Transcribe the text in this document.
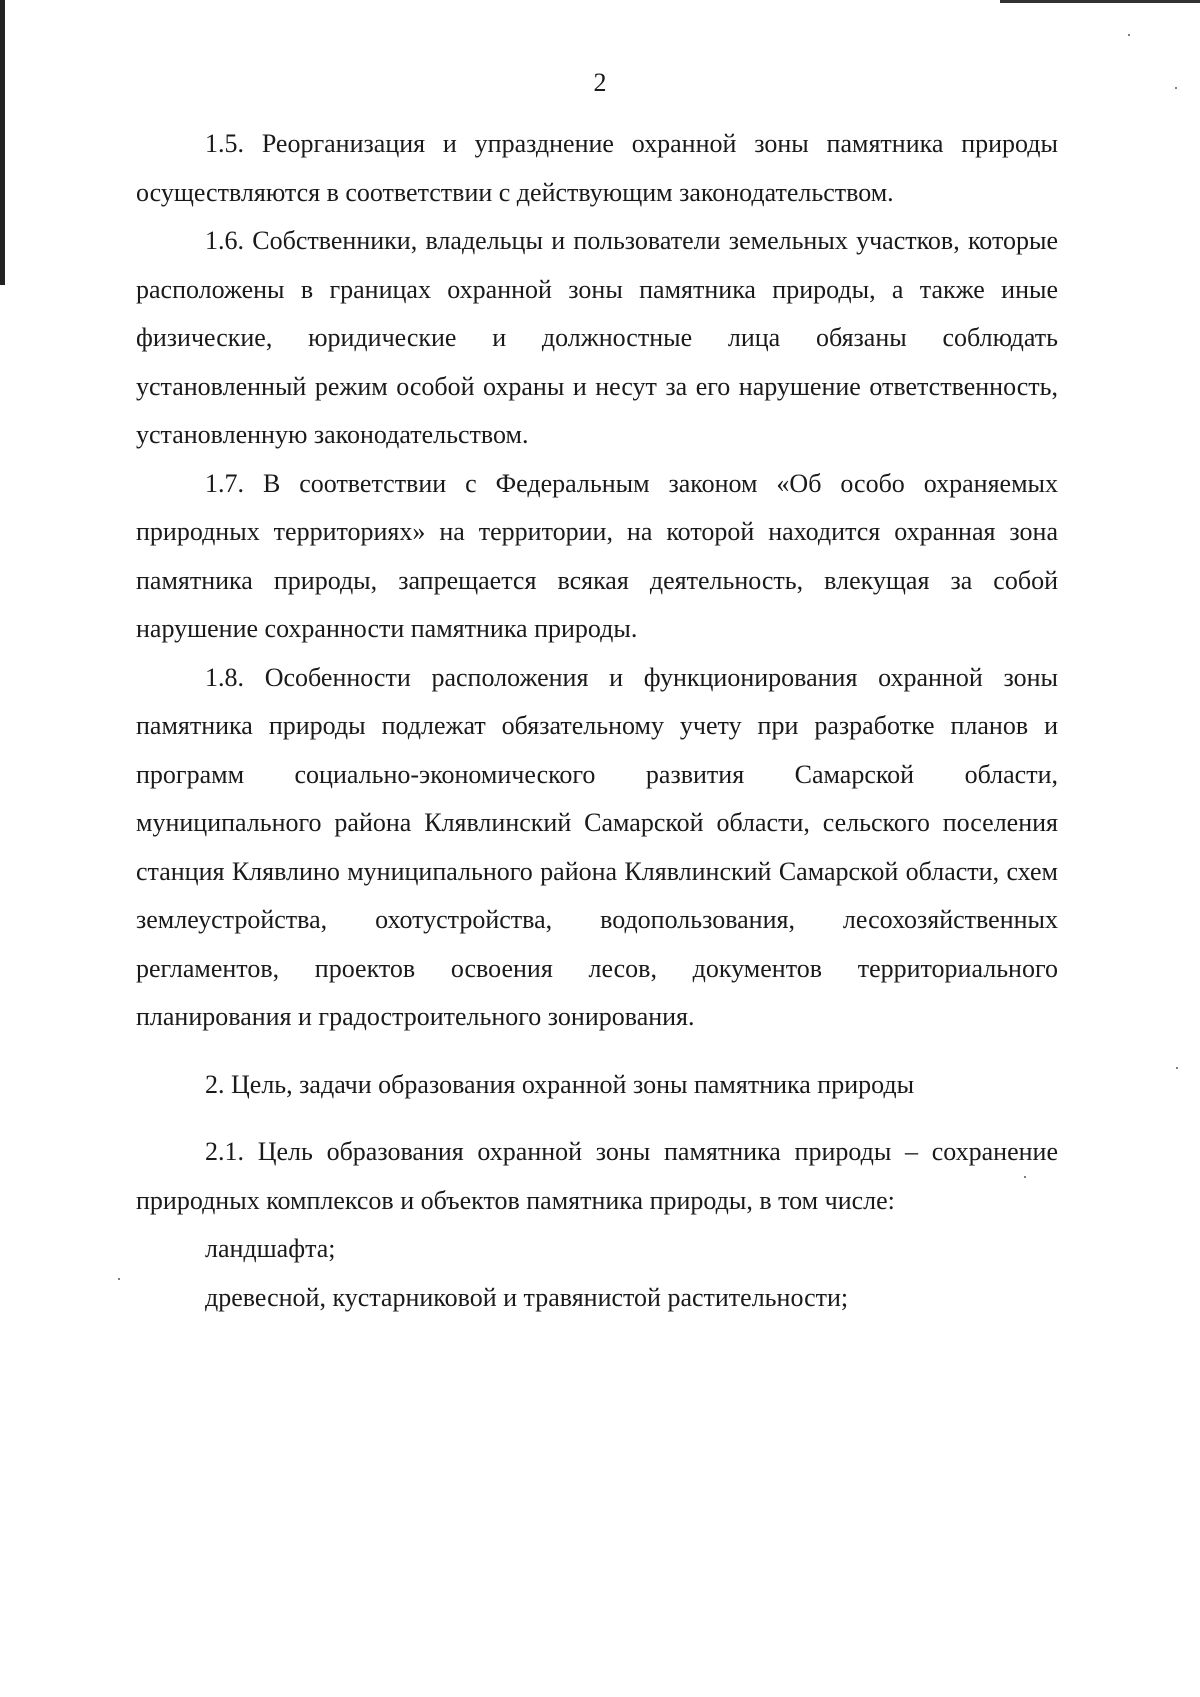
2

1.5. Реорганизация и упразднение охранной зоны памятника природы осуществляются в соответствии с действующим законодательством.

1.6. Собственники, владельцы и пользователи земельных участков, которые расположены в границах охранной зоны памятника природы, а также иные физические, юридические и должностные лица обязаны соблюдать установленный режим особой охраны и несут за его нарушение ответственность, установленную законодательством.

1.7. В соответствии с Федеральным законом «Об особо охраняемых природных территориях» на территории, на которой находится охранная зона памятника природы, запрещается всякая деятельность, влекущая за собой нарушение сохранности памятника природы.

1.8. Особенности расположения и функционирования охранной зоны памятника природы подлежат обязательному учету при разработке планов и программ социально-экономического развития Самарской области, муниципального района Клявлинский Самарской области, сельского поселения станция Клявлино муниципального района Клявлинский Самарской области, схем землеустройства, охотустройства, водопользования, лесохозяйственных регламентов, проектов освоения лесов, документов территориального планирования и градостроительного зонирования.

2. Цель, задачи образования охранной зоны памятника природы

2.1. Цель образования охранной зоны памятника природы – сохранение природных комплексов и объектов памятника природы, в том числе:

ландшафта;

древесной, кустарниковой и травянистой растительности;
